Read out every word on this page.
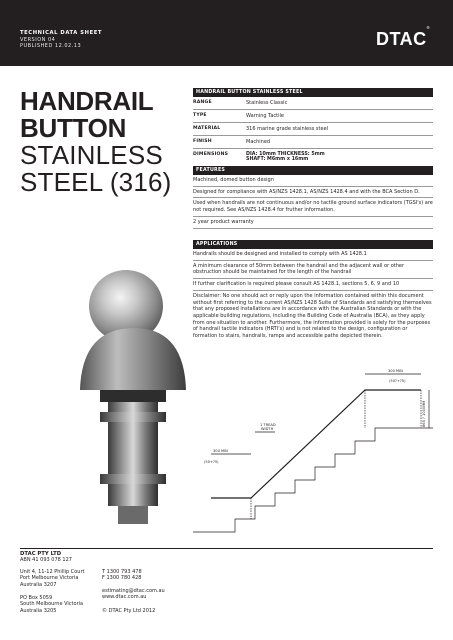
TECHNICAL DATA SHEET
VERSION 04
PUBLISHED 12.02.13	DTAC®
HANDRAIL
BUTTON
STAINLESS
STEEL (316)
HANDRAIL BUTTON STAINLESS STEEL
RANGE	Stainless Classic
TYPE	Warning Tactile
MATERIAL	316 marine grade stainless steel
FINISH	Machined
DIMENSIONS	DIA: 10mm THICKNESS: 5mm
SHAFT: M6mm x 16mm
FEATURES
Machined, domed button design
Designed for compliance with AS/NZS 1428.1, AS/NZS 1428.4 and with the BCA Section D.
Used when handrails are not continuous and/or no tactile ground surface indicators (TGSI's) are not required. See AS/NZS 1428.4 for fruther information.
2 year product warranty
APPLICATIONS
Handrails should be designed and installed to comply with AS 1428.1
A minimum clearance of 50mm between the handrail and the adjacent wall or other obstruction should be maintained for the length of the handrail
If further clarification is required please consult AS 1428.1, sections 5, 6, 9 and 10
Disclaimer: No one should act or reply upon the information contained within this document without first referring to the current AS/NZS 1428 Suite of Standards and satisfying themselves that any proposed installations are in accordance with the Australian Standards or with the applicable building regulations, including the Building Code of Australia (BCA), as they apply from one situation to another. Furthermore, the information provided is solely for the purposes of handrail tactile indicators (HRTI's) and is not related to the design, configuration or formation to stairs, handrails, ramps and accessible paths depicted therein.
300 MIN
(50?+?5)
1 TREAD
WIDTH
300 MIN
(50+?5)
865 ? 1000MM
DTAC PTY LTD
ABN 41 093 078 127
Unit 4, 11-12 Phillip Court
Port Melbourne Victoria
Australia 3207
PO Box 5059
South Melbourne Victoria
Australia 3205
T 1300 793 478
F 1300 780 428
estimating@dtac.com.au
www.dtac.com.au
© DTAC Pty Ltd 2012
